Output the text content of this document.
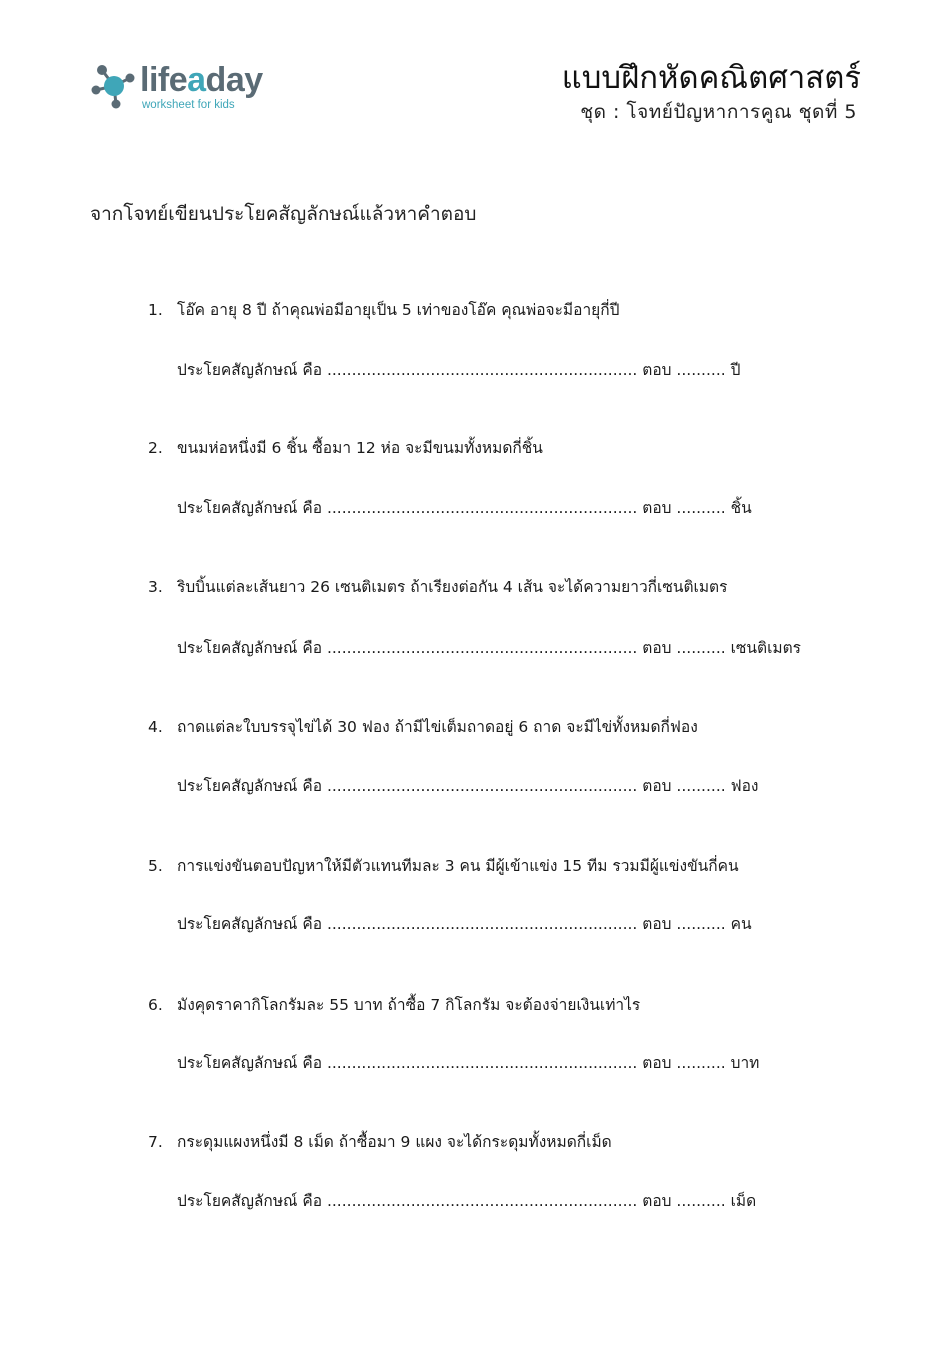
lifeaday
worksheet for kids
แบบฝึกหัดคณิตศาสตร์
ชุด : โจทย์ปัญหาการคูณ ชุดที่ 5
จากโจทย์เขียนประโยคสัญลักษณ์แล้วหาคำตอบ
1. โอ๊ค อายุ 8 ปี ถ้าคุณพ่อมีอายุเป็น 5 เท่าของโอ๊ค คุณพ่อจะมีอายุกี่ปี
ประโยคสัญลักษณ์ คือ ............................................................... ตอบ .......... ปี
2. ขนมห่อหนึ่งมี 6 ชิ้น ซื้อมา 12 ห่อ จะมีขนมทั้งหมดกี่ชิ้น
ประโยคสัญลักษณ์ คือ ............................................................... ตอบ .......... ชิ้น
3. ริบบิ้นแต่ละเส้นยาว 26 เซนติเมตร ถ้าเรียงต่อกัน 4 เส้น จะได้ความยาวกี่เซนติเมตร
ประโยคสัญลักษณ์ คือ ............................................................... ตอบ .......... เซนติเมตร
4. ถาดแต่ละใบบรรจุไข่ได้ 30 ฟอง ถ้ามีไข่เต็มถาดอยู่ 6 ถาด จะมีไข่ทั้งหมดกี่ฟอง
ประโยคสัญลักษณ์ คือ ............................................................... ตอบ .......... ฟอง
5. การแข่งขันตอบปัญหาให้มีตัวแทนทีมละ 3 คน มีผู้เข้าแข่ง 15 ทีม รวมมีผู้แข่งขันกี่คน
ประโยคสัญลักษณ์ คือ ............................................................... ตอบ .......... คน
6. มังคุดราคากิโลกรัมละ 55 บาท ถ้าซื้อ 7 กิโลกรัม จะต้องจ่ายเงินเท่าไร
ประโยคสัญลักษณ์ คือ ............................................................... ตอบ .......... บาท
7. กระดุมแผงหนึ่งมี 8 เม็ด ถ้าซื้อมา 9 แผง จะได้กระดุมทั้งหมดกี่เม็ด
ประโยคสัญลักษณ์ คือ ............................................................... ตอบ .......... เม็ด
